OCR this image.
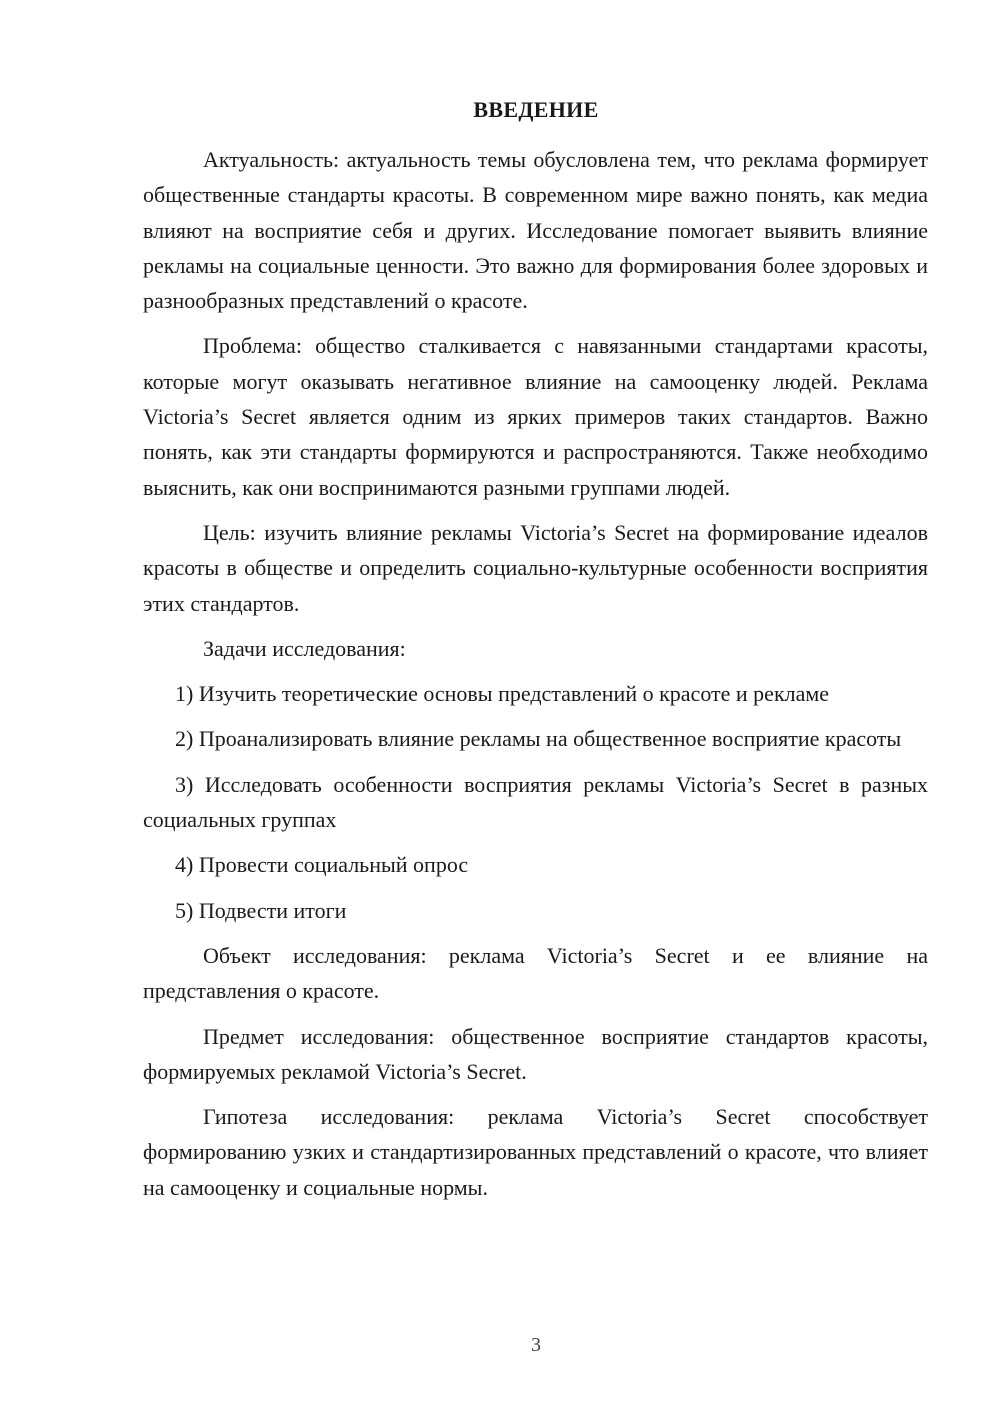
ВВЕДЕНИЕ

Актуальность: актуальность темы обусловлена тем, что реклама формирует общественные стандарты красоты. В современном мире важно понять, как медиа влияют на восприятие себя и других. Исследование помогает выявить влияние рекламы на социальные ценности. Это важно для формирования более здоровых и разнообразных представлений о красоте.

Проблема: общество сталкивается с навязанными стандартами красоты, которые могут оказывать негативное влияние на самооценку людей. Реклама Victoria’s Secret является одним из ярких примеров таких стандартов. Важно понять, как эти стандарты формируются и распространяются. Также необходимо выяснить, как они воспринимаются разными группами людей.

Цель: изучить влияние рекламы Victoria’s Secret на формирование идеалов красоты в обществе и определить социально-культурные особенности восприятия этих стандартов.

Задачи исследования:

1) Изучить теоретические основы представлений о красоте и рекламе

2) Проанализировать влияние рекламы на общественное восприятие красоты

3) Исследовать особенности восприятия рекламы Victoria’s Secret в разных социальных группах

4) Провести социальный опрос

5) Подвести итоги

Объект исследования: реклама Victoria’s Secret и ее влияние на представления о красоте.

Предмет исследования: общественное восприятие стандартов красоты, формируемых рекламой Victoria’s Secret.

Гипотеза исследования: реклама Victoria’s Secret способствует формированию узких и стандартизированных представлений о красоте, что влияет на самооценку и социальные нормы.

3
